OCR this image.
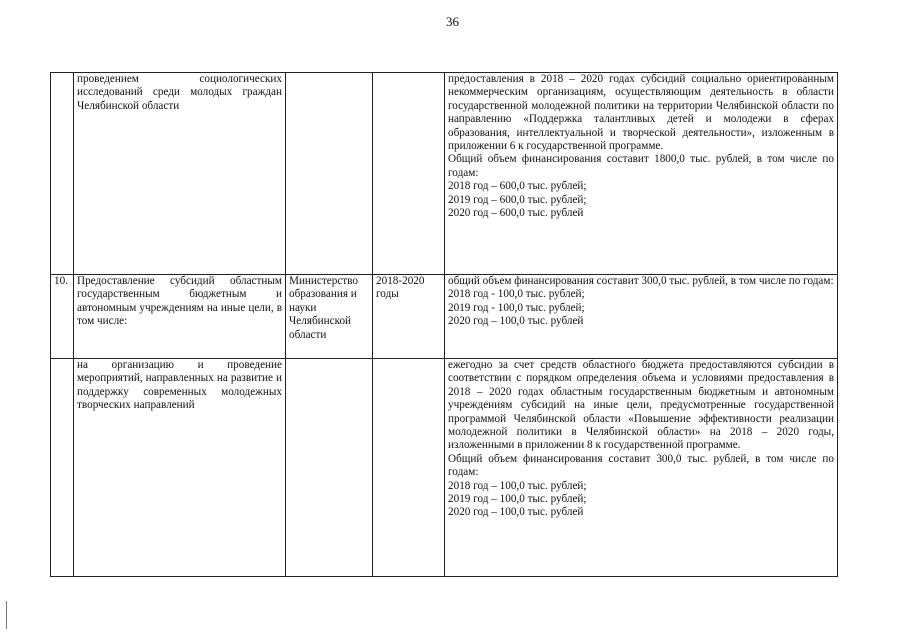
36

	проведением социологических исследований среди молодых граждан Челябинской области			предоставления в 2018 – 2020 годах субсидий социально ориентированным некоммерческим организациям, осуществляющим деятельность в области государственной молодежной политики на территории Челябинской области по направлению «Поддержка талантливых детей и молодежи в сферах образования, интеллектуальной и творческой деятельности», изложенным в приложении 6 к государственной программе.
Общий объем финансирования составит 1800,0 тыс. рублей, в том числе по годам:
2018 год – 600,0 тыс. рублей;
2019 год – 600,0 тыс. рублей;
2020 год – 600,0 тыс. рублей

10.	Предоставление субсидий областным государственным бюджетным и автономным учреждениям на иные цели, в том числе:	Министерство образования и науки Челябинской области	2018-2020 годы	общий объем финансирования составит 300,0 тыс. рублей, в том числе по годам:
2018 год - 100,0 тыс. рублей;
2019 год - 100,0 тыс. рублей;
2020 год – 100,0 тыс. рублей

	на организацию и проведение мероприятий, направленных на развитие и поддержку современных молодежных творческих направлений			ежегодно за счет средств областного бюджета предоставляются субсидии в соответствии с порядком определения объема и условиями предоставления в 2018 – 2020 годах областным государственным бюджетным и автономным учреждениям субсидий на иные цели, предусмотренные государственной программой Челябинской области «Повышение эффективности реализации молодежной политики в Челябинской области» на 2018 – 2020 годы, изложенными в приложении 8 к государственной программе.
Общий объем финансирования составит 300,0 тыс. рублей, в том числе по годам:
2018 год – 100,0 тыс. рублей;
2019 год – 100,0 тыс. рублей;
2020 год – 100,0 тыс. рублей
